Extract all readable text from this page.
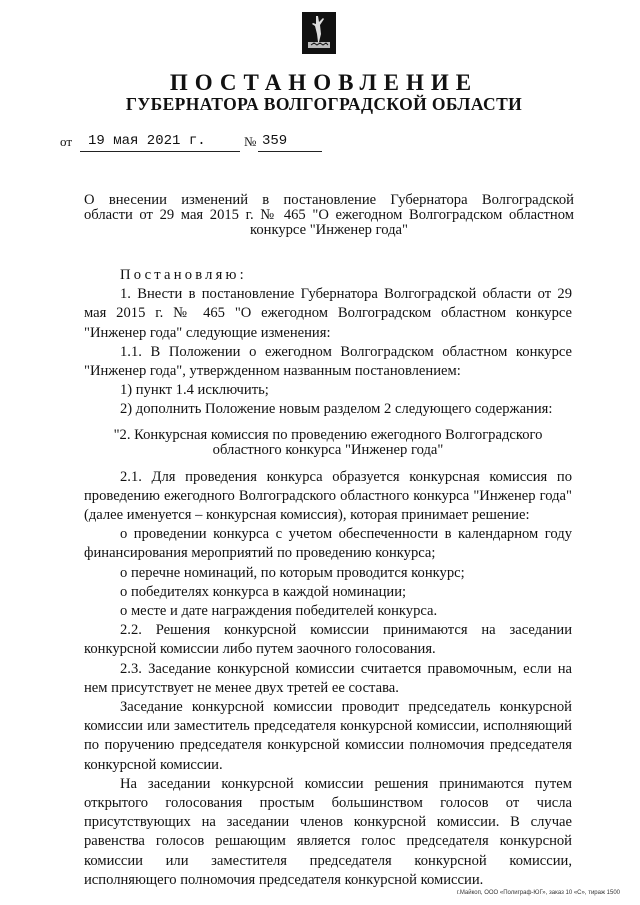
ПОСТАНОВЛЕНИЕ
ГУБЕРНАТОРА ВОЛГОГРАДСКОЙ ОБЛАСТИ
от 19 мая 2021 г.	№ 359
О внесении изменений в постановление Губернатора Волгоградской
области от 29 мая 2015 г. № 465 "О ежегодном Волгоградском областном
конкурсе "Инженер года"
Постановляю:
1. Внести в постановление Губернатора Волгоградской области от 29 мая 2015 г. № 465 "О ежегодном Волгоградском областном конкурсе "Инженер года" следующие изменения:
1.1. В Положении о ежегодном Волгоградском областном конкурсе "Инженер года", утвержденном названным постановлением:
1) пункт 1.4 исключить;
2) дополнить Положение новым разделом 2 следующего содержания:
"2. Конкурсная комиссия по проведению ежегодного Волгоградского
областного конкурса "Инженер года"
2.1. Для проведения конкурса образуется конкурсная комиссия по проведению ежегодного Волгоградского областного конкурса "Инженер года" (далее именуется – конкурсная комиссия), которая принимает решение:
о проведении конкурса с учетом обеспеченности в календарном году финансирования мероприятий по проведению конкурса;
о перечне номинаций, по которым проводится конкурс;
о победителях конкурса в каждой номинации;
о месте и дате награждения победителей конкурса.
2.2. Решения конкурсной комиссии принимаются на заседании конкурсной комиссии либо путем заочного голосования.
2.3. Заседание конкурсной комиссии считается правомочным, если на нем присутствует не менее двух третей ее состава.
Заседание конкурсной комиссии проводит председатель конкурсной комиссии или заместитель председателя конкурсной комиссии, исполняющий по поручению председателя конкурсной комиссии полномочия председателя конкурсной комиссии.
На заседании конкурсной комиссии решения принимаются путем открытого голосования простым большинством голосов от числа присутствующих на заседании членов конкурсной комиссии. В случае равенства голосов решающим является голос председателя конкурсной комиссии или заместителя председателя конкурсной комиссии, исполняющего полномочия председателя конкурсной комиссии.
г.Майкоп, ООО «Полиграф-ЮГ», заказ 10 «С», тираж 1500
